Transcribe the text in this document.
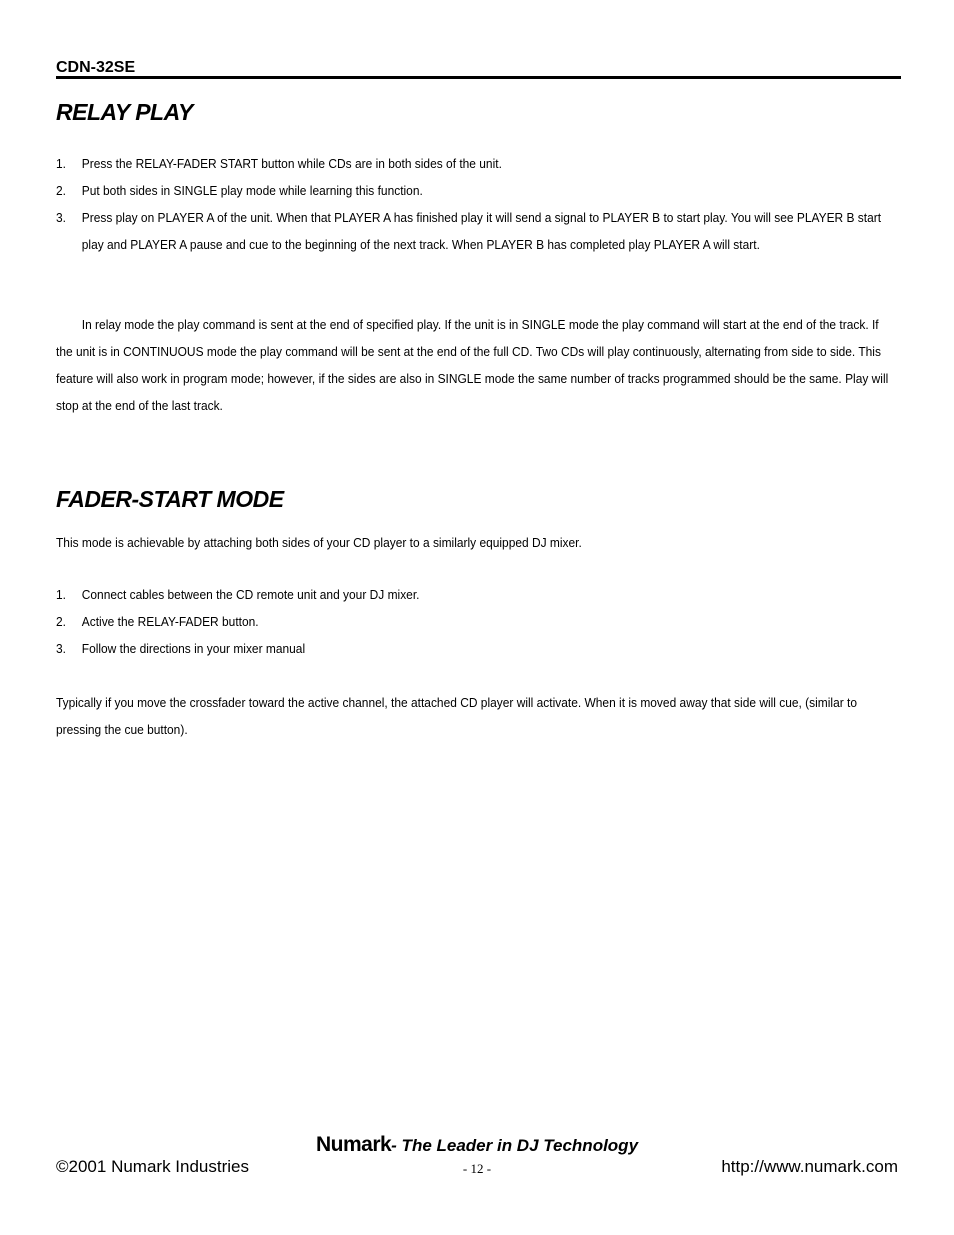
CDN-32SE
RELAY PLAY
1. Press the RELAY-FADER START button while CDs are in both sides of the unit.
2. Put both sides in SINGLE play mode while learning this function.
3. Press play on PLAYER A of the unit. When that PLAYER A has finished play it will send a signal to PLAYER B to start play. You will see PLAYER B start play and PLAYER A pause and cue to the beginning of the next track. When PLAYER B has completed play PLAYER A will start.

In relay mode the play command is sent at the end of specified play. If the unit is in SINGLE mode the play command will start at the end of the track. If the unit is in CONTINUOUS mode the play command will be sent at the end of the full CD. Two CDs will play continuously, alternating from side to side. This feature will also work in program mode; however, if the sides are also in SINGLE mode the same number of tracks programmed should be the same. Play will stop at the end of the last track.

FADER-START MODE

This mode is achievable by attaching both sides of your CD player to a similarly equipped DJ mixer.

1. Connect cables between the CD remote unit and your DJ mixer.
2. Active the RELAY-FADER button.
3. Follow the directions in your mixer manual

Typically if you move the crossfader toward the active channel, the attached CD player will activate. When it is moved away that side will cue, (similar to pressing the cue button).

Numark- The Leader in DJ Technology
©2001 Numark Industries	- 12 -	http://www.numark.com
